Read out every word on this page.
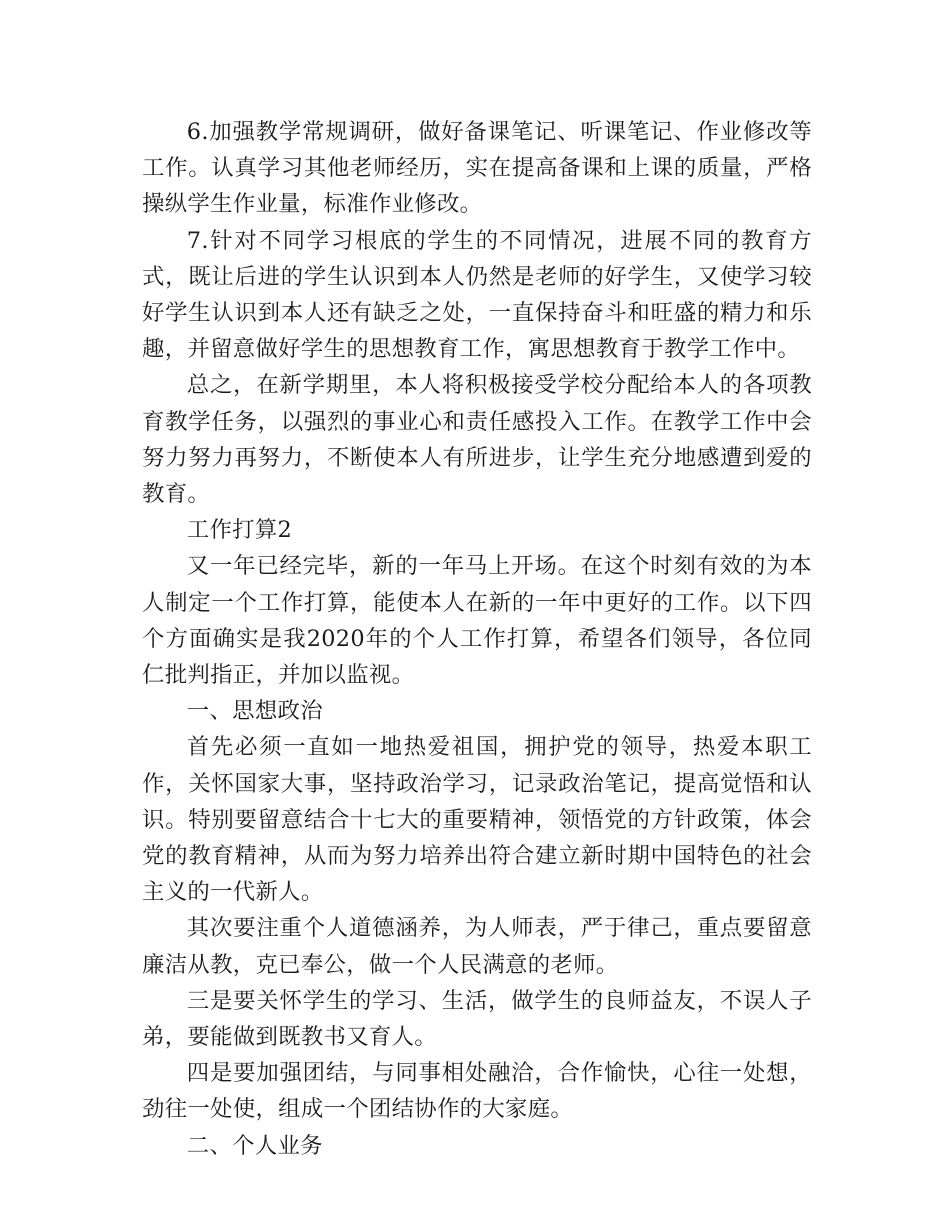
6.加强教学常规调研，做好备课笔记、听课笔记、作业修改等工作。认真学习其他老师经历，实在提高备课和上课的质量，严格操纵学生作业量，标准作业修改。

7.针对不同学习根底的学生的不同情况，进展不同的教育方式，既让后进的学生认识到本人仍然是老师的好学生，又使学习较好学生认识到本人还有缺乏之处，一直保持奋斗和旺盛的精力和乐趣，并留意做好学生的思想教育工作，寓思想教育于教学工作中。

总之，在新学期里，本人将积极接受学校分配给本人的各项教育教学任务，以强烈的事业心和责任感投入工作。在教学工作中会努力努力再努力，不断使本人有所进步，让学生充分地感遭到爱的教育。

工作打算2

又一年已经完毕，新的一年马上开场。在这个时刻有效的为本人制定一个工作打算，能使本人在新的一年中更好的工作。以下四个方面确实是我2020年的个人工作打算，希望各们领导，各位同仁批判指正，并加以监视。

一、思想政治

首先必须一直如一地热爱祖国，拥护党的领导，热爱本职工作，关怀国家大事，坚持政治学习，记录政治笔记，提高觉悟和认识。特别要留意结合十七大的重要精神，领悟党的方针政策，体会党的教育精神，从而为努力培养出符合建立新时期中国特色的社会主义的一代新人。

其次要注重个人道德涵养，为人师表，严于律己，重点要留意廉洁从教，克已奉公，做一个人民满意的老师。

三是要关怀学生的学习、生活，做学生的良师益友，不误人子弟，要能做到既教书又育人。

四是要加强团结，与同事相处融洽，合作愉快，心往一处想，劲往一处使，组成一个团结协作的大家庭。

二、个人业务
